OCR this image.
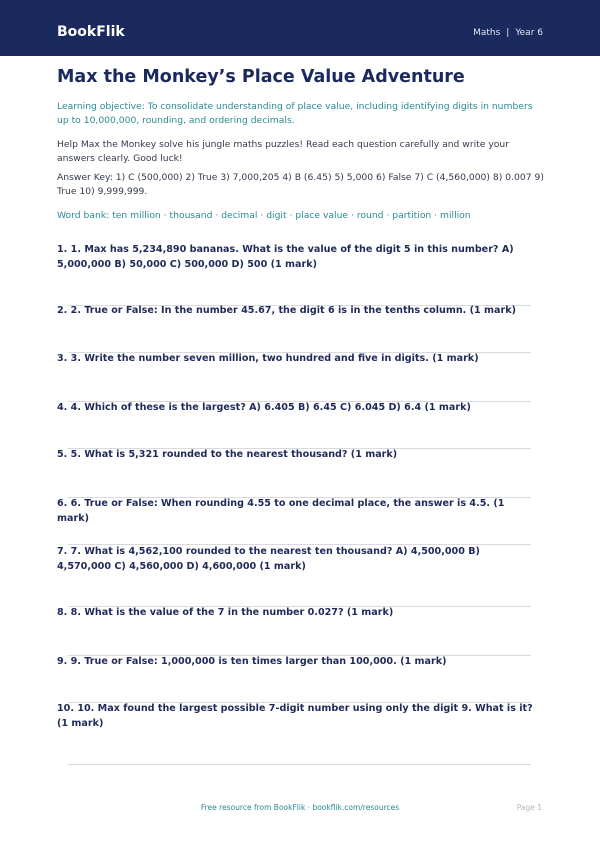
BookFlik	Maths | Year 6
Max the Monkey’s Place Value Adventure

Learning objective: To consolidate understanding of place value, including identifying digits in numbers up to 10,000,000, rounding, and ordering decimals.

Help Max the Monkey solve his jungle maths puzzles! Read each question carefully and write your answers clearly. Good luck!

Answer Key: 1) C (500,000) 2) True 3) 7,000,205 4) B (6.45) 5) 5,000 6) False 7) C (4,560,000) 8) 0.007 9) True 10) 9,999,999.

Word bank: ten million · thousand · decimal · digit · place value · round · partition · million

1. 1. Max has 5,234,890 bananas. What is the value of the digit 5 in this number? A) 5,000,000 B) 50,000 C) 500,000 D) 500 (1 mark)

2. 2. True or False: In the number 45.67, the digit 6 is in the tenths column. (1 mark)

3. 3. Write the number seven million, two hundred and five in digits. (1 mark)

4. 4. Which of these is the largest? A) 6.405 B) 6.45 C) 6.045 D) 6.4 (1 mark)

5. 5. What is 5,321 rounded to the nearest thousand? (1 mark)

6. 6. True or False: When rounding 4.55 to one decimal place, the answer is 4.5. (1 mark)

7. 7. What is 4,562,100 rounded to the nearest ten thousand? A) 4,500,000 B) 4,570,000 C) 4,560,000 D) 4,600,000 (1 mark)

8. 8. What is the value of the 7 in the number 0.027? (1 mark)

9. 9. True or False: 1,000,000 is ten times larger than 100,000. (1 mark)

10. 10. Max found the largest possible 7-digit number using only the digit 9. What is it? (1 mark)

Free resource from BookFlik · bookflik.com/resources	Page 1
